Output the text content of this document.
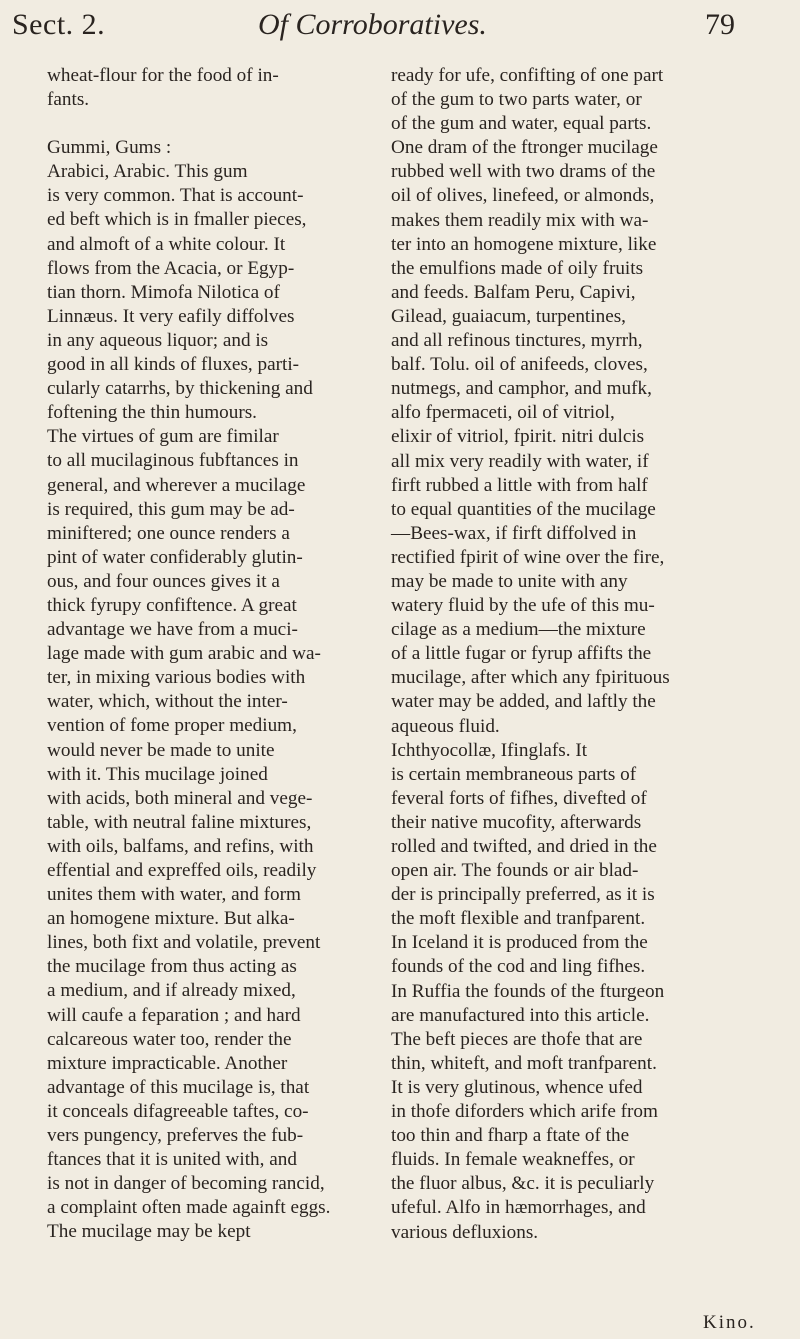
Sect. 2.	Of Corroboratives.	79
wheat-flour for the food of in-
fants.
Gummi, Gums :
Arabici, Arabic. This gum
is very common. That is account-
ed beft which is in fmaller pieces,
and almoft of a white colour. It
flows from the Acacia, or Egyp-
tian thorn. Mimofa Nilotica of
Linnæus. It very eafily diffolves
in any aqueous liquor; and is
good in all kinds of fluxes, parti-
cularly catarrhs, by thickening and
foftening the thin humours.
The virtues of gum are fimilar
to all mucilaginous fubftances in
general, and wherever a mucilage
is required, this gum may be ad-
miniftered; one ounce renders a
pint of water confiderably glutin-
ous, and four ounces gives it a
thick fyrupy confiftence. A great
advantage we have from a muci-
lage made with gum arabic and wa-
ter, in mixing various bodies with
water, which, without the inter-
vention of fome proper medium,
would never be made to unite
with it. This mucilage joined
with acids, both mineral and vege-
table, with neutral faline mixtures,
with oils, balfams, and refins, with
effential and expreffed oils, readily
unites them with water, and form
an homogene mixture. But alka-
lines, both fixt and volatile, prevent
the mucilage from thus acting as
a medium, and if already mixed,
will caufe a feparation ; and hard
calcareous water too, render the
mixture impracticable. Another
advantage of this mucilage is, that
it conceals difagreeable taftes, co-
vers pungency, preferves the fub-
ftances that it is united with, and
is not in danger of becoming rancid,
a complaint often made againft eggs.
The mucilage may be kept
ready for ufe, confifting of one part
of the gum to two parts water, or
of the gum and water, equal parts.
One dram of the ftronger mucilage
rubbed well with two drams of the
oil of olives, linefeed, or almonds,
makes them readily mix with wa-
ter into an homogene mixture, like
the emulfions made of oily fruits
and feeds. Balfam Peru, Capivi,
Gilead, guaiacum, turpentines,
and all refinous tinctures, myrrh,
balf. Tolu. oil of anifeeds, cloves,
nutmegs, and camphor, and mufk,
alfo fpermaceti, oil of vitriol,
elixir of vitriol, fpirit. nitri dulcis
all mix very readily with water, if
firft rubbed a little with from half
to equal quantities of the mucilage
—Bees-wax, if firft diffolved in
rectified fpirit of wine over the fire,
may be made to unite with any
watery fluid by the ufe of this mu-
cilage as a medium—the mixture
of a little fugar or fyrup affifts the
mucilage, after which any fpirituous
water may be added, and laftly the
aqueous fluid.
Ichthyocollæ, Ifinglafs. It
is certain membraneous parts of
feveral forts of fifhes, divefted of
their native mucofity, afterwards
rolled and twifted, and dried in the
open air. The founds or air blad-
der is principally preferred, as it is
the moft flexible and tranfparent.
In Iceland it is produced from the
founds of the cod and ling fifhes.
In Ruffia the founds of the fturgeon
are manufactured into this article.
The beft pieces are thofe that are
thin, whiteft, and moft tranfparent.
It is very glutinous, whence ufed
in thofe diforders which arife from
too thin and fharp a ftate of the
fluids. In female weakneffes, or
the fluor albus, &c. it is peculiarly
ufeful. Alfo in hæmorrhages, and
various defluxions.
Kino.
